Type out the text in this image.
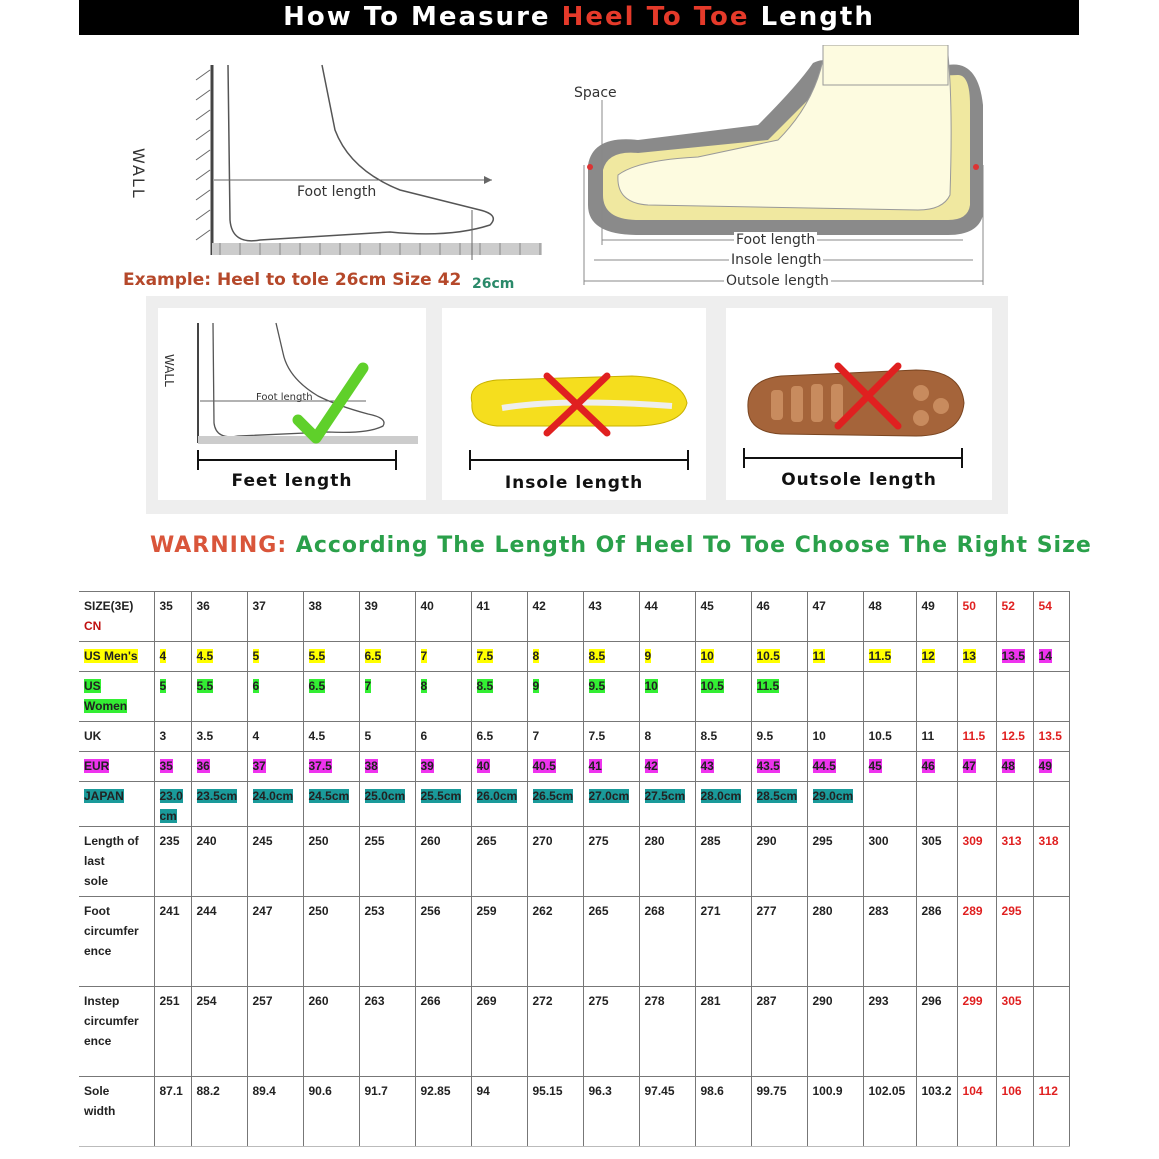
How To Measure Heel To Toe Length
WALL	Foot length
Example: Heel to tole 26cm Size 42 26cm
Space
Foot length
Insole length
Outsole length
WALL
Foot length
Feet length	Insole length	Outsole length
WARNING: According The Length Of Heel To Toe Choose The Right Size
SIZE(3E)
CN	35	36	37	38	39	40	41	42	43	44	45	46	47	48	49	50	52	54
US Men's	4	4.5	5	5.5	6.5	7	7.5	8	8.5	9	10	10.5	11	11.5	12	13	13.5	14
US
Women	5	5.5	6	6.5	7	8	8.5	9	9.5	10	10.5	11.5						
UK	3	3.5	4	4.5	5	6	6.5	7	7.5	8	8.5	9.5	10	10.5	11	11.5	12.5	13.5
EUR	35	36	37	37.5	38	39	40	40.5	41	42	43	43.5	44.5	45	46	47	48	49
JAPAN	23.0 cm	23.5cm	24.0cm	24.5cm	25.0cm	25.5cm	26.0cm	26.5cm	27.0cm	27.5cm	28.0cm	28.5cm	29.0cm					
Length of
last
sole	235	240	245	250	255	260	265	270	275	280	285	290	295	300	305	309	313	318
Foot
circumfer
ence	241	244	247	250	253	256	259	262	265	268	271	277	280	283	286	289	295	
Instep
circumfer
ence	251	254	257	260	263	266	269	272	275	278	281	287	290	293	296	299	305	
Sole
width	87.1	88.2	89.4	90.6	91.7	92.85	94	95.15	96.3	97.45	98.6	99.75	100.9	102.05	103.2	104	106	112
